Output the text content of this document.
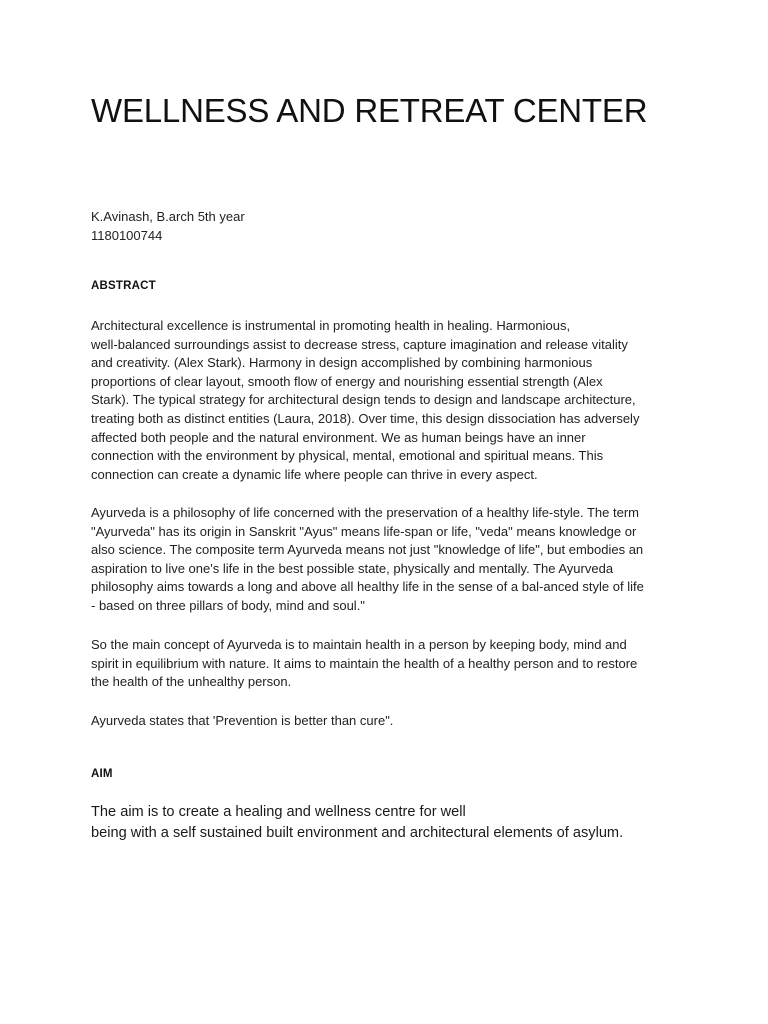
WELLNESS AND RETREAT CENTER
K.Avinash, B.arch 5th year
1180100744
ABSTRACT

Architectural excellence is instrumental in promoting health in healing. Harmonious,
well-balanced surroundings assist to decrease stress, capture imagination and release vitality
and creativity. (Alex Stark). Harmony in design accomplished by combining harmonious
proportions of clear layout, smooth flow of energy and nourishing essential strength (Alex
Stark). The typical strategy for architectural design tends to design and landscape architecture,
treating both as distinct entities (Laura, 2018). Over time, this design dissociation has adversely
affected both people and the natural environment. We as human beings have an inner
connection with the environment by physical, mental, emotional and spiritual means. This
connection can create a dynamic life where people can thrive in every aspect.

Ayurveda is a philosophy of life concerned with the preservation of a healthy life-style. The term
"Ayurveda" has its origin in Sanskrit "Ayus" means life-span or life, "veda" means knowledge or
also science. The composite term Ayurveda means not just "knowledge of life", but embodies an
aspiration to live one's life in the best possible state, physically and mentally. The Ayurveda
philosophy aims towards a long and above all healthy life in the sense of a bal-anced style of life
- based on three pillars of body, mind and soul."

So the main concept of Ayurveda is to maintain health in a person by keeping body, mind and
spirit in equilibrium with nature. It aims to maintain the health of a healthy person and to restore
the health of the unhealthy person.

Ayurveda states that 'Prevention is better than cure".

AIM

The aim is to create a healing and wellness centre for well
being with a self sustained built environment and architectural elements of asylum.
